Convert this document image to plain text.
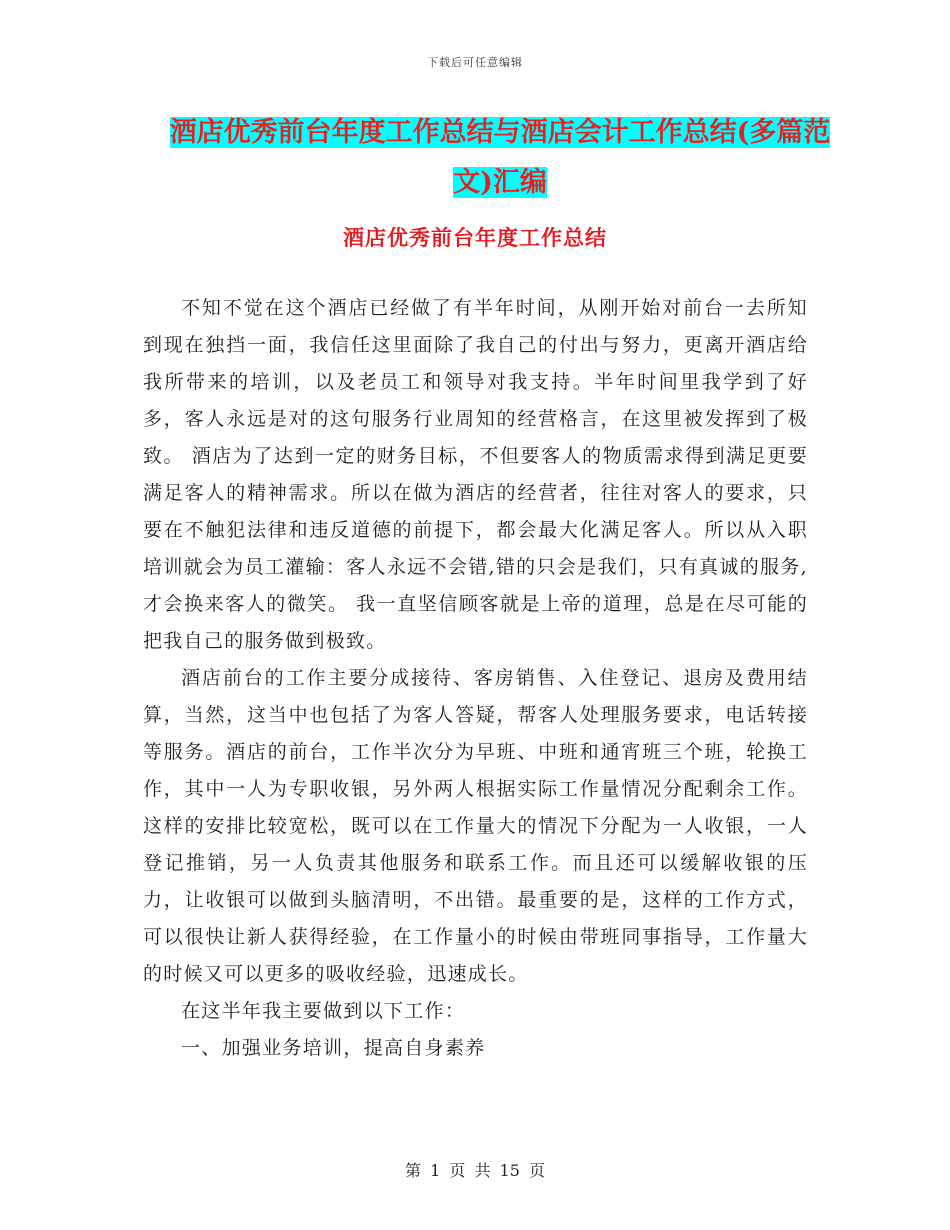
下载后可任意编辑
酒店优秀前台年度工作总结与酒店会计工作总结(多篇范文)汇编
酒店优秀前台年度工作总结

不知不觉在这个酒店已经做了有半年时间，从刚开始对前台一去所知到现在独挡一面，我信任这里面除了我自己的付出与努力，更离开酒店给我所带来的培训，以及老员工和领导对我支持。半年时间里我学到了好多，客人永远是对的这句服务行业周知的经营格言，在这里被发挥到了极致。 酒店为了达到一定的财务目标，不但要客人的物质需求得到满足更要满足客人的精神需求。所以在做为酒店的经营者，往往对客人的要求，只要在不触犯法律和违反道德的前提下，都会最大化满足客人。所以从入职培训就会为员工灌输：客人永远不会错,错的只会是我们，只有真诚的服务,才会换来客人的微笑。 我一直坚信顾客就是上帝的道理，总是在尽可能的把我自己的服务做到极致。

酒店前台的工作主要分成接待、客房销售、入住登记、退房及费用结算，当然，这当中也包括了为客人答疑，帮客人处理服务要求，电话转接等服务。酒店的前台，工作半次分为早班、中班和通宵班三个班，轮换工作，其中一人为专职收银，另外两人根据实际工作量情况分配剩余工作。这样的安排比较宽松，既可以在工作量大的情况下分配为一人收银，一人登记推销，另一人负责其他服务和联系工作。而且还可以缓解收银的压力，让收银可以做到头脑清明，不出错。最重要的是，这样的工作方式，可以很快让新人获得经验，在工作量小的时候由带班同事指导，工作量大的时候又可以更多的吸收经验，迅速成长。

在这半年我主要做到以下工作：

一、加强业务培训，提高自身素养

第 1 页 共 15 页
